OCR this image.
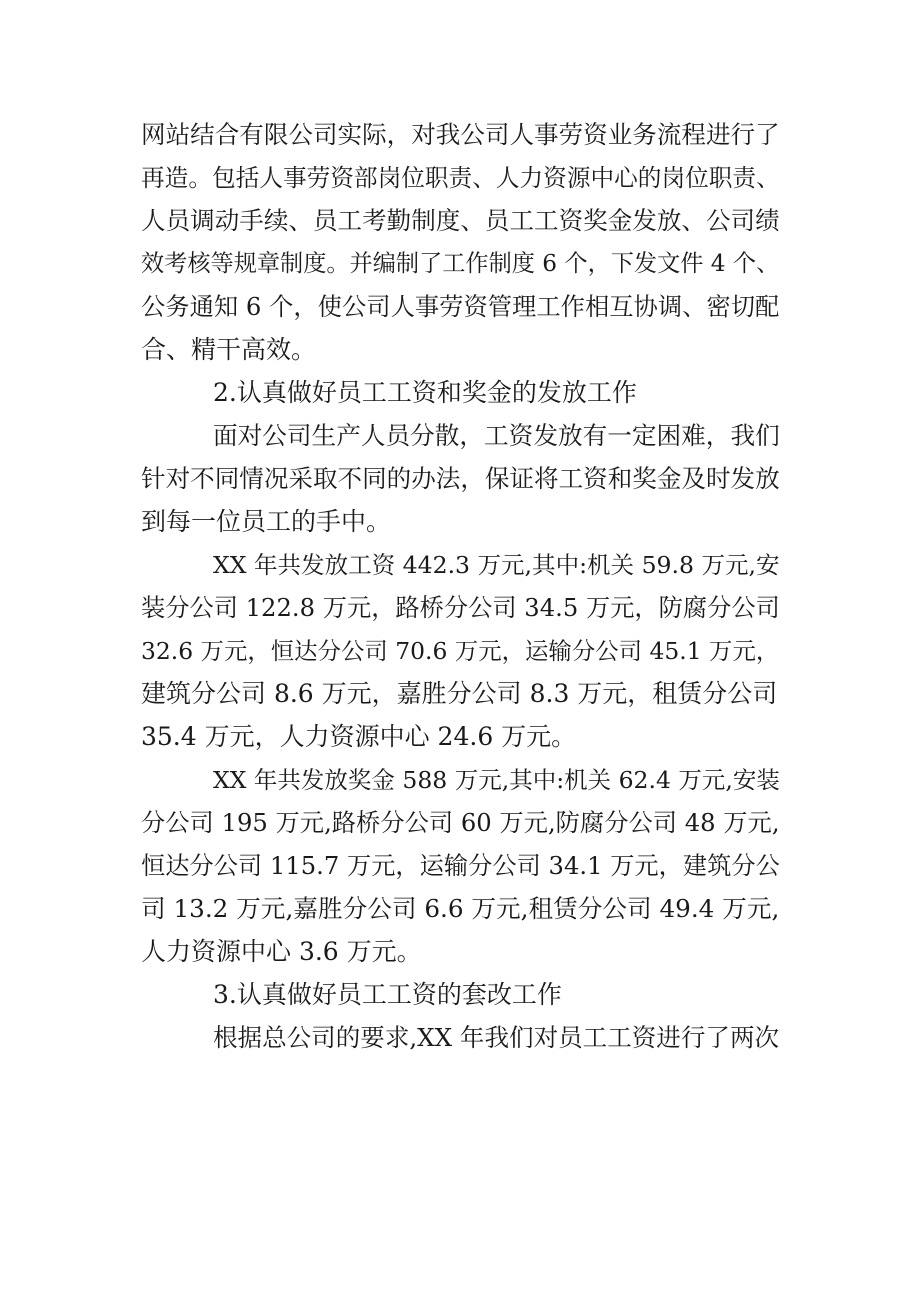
网站结合有限公司实际，对我公司人事劳资业务流程进行了
再造。包括人事劳资部岗位职责、人力资源中心的岗位职责、
人员调动手续、员工考勤制度、员工工资奖金发放、公司绩
效考核等规章制度。并编制了工作制度 6 个，下发文件 4 个、
公务通知 6 个，使公司人事劳资管理工作相互协调、密切配
合、精干高效。
2.认真做好员工工资和奖金的发放工作
面对公司生产人员分散，工资发放有一定困难，我们
针对不同情况采取不同的办法，保证将工资和奖金及时发放
到每一位员工的手中。
XX 年共发放工资 442.3 万元,其中:机关 59.8 万元,安
装分公司 122.8 万元，路桥分公司 34.5 万元，防腐分公司
32.6 万元，恒达分公司 70.6 万元，运输分公司 45.1 万元，
建筑分公司 8.6 万元，嘉胜分公司 8.3 万元，租赁分公司
35.4 万元，人力资源中心 24.6 万元。
XX 年共发放奖金 588 万元,其中:机关 62.4 万元,安装
分公司 195 万元,路桥分公司 60 万元,防腐分公司 48 万元,
恒达分公司 115.7 万元，运输分公司 34.1 万元，建筑分公
司 13.2 万元,嘉胜分公司 6.6 万元,租赁分公司 49.4 万元,
人力资源中心 3.6 万元。
3.认真做好员工工资的套改工作
根据总公司的要求,XX 年我们对员工工资进行了两次
